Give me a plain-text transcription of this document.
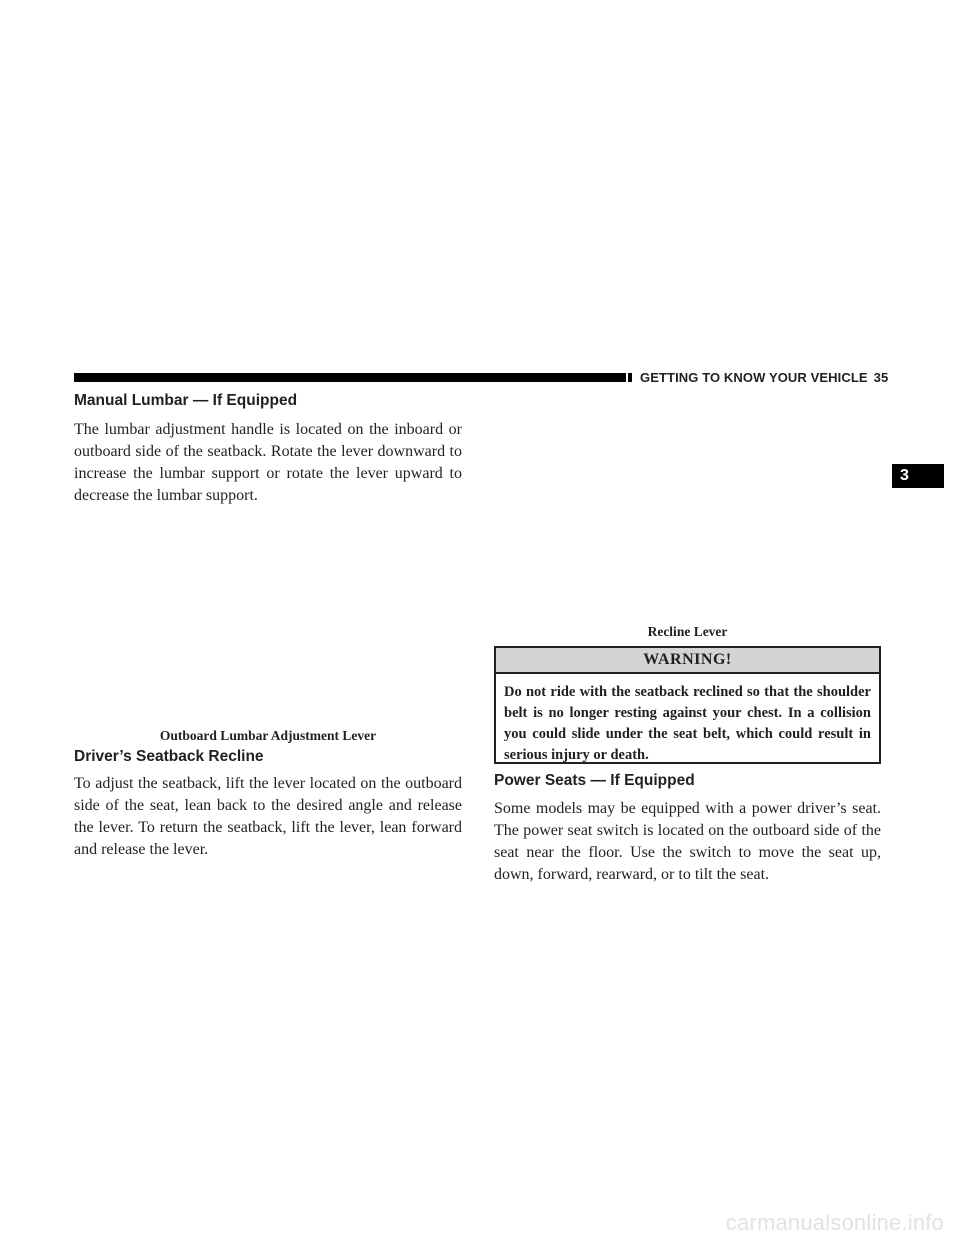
GETTING TO KNOW YOUR VEHICLE 35
3
Manual Lumbar — If Equipped
The lumbar adjustment handle is located on the inboard or outboard side of the seatback. Rotate the lever downward to increase the lumbar support or rotate the lever upward to decrease the lumbar support.
Outboard Lumbar Adjustment Lever
Driver’s Seatback Recline
To adjust the seatback, lift the lever located on the outboard side of the seat, lean back to the desired angle and release the lever. To return the seatback, lift the lever, lean forward and release the lever.
Recline Lever
WARNING!
Do not ride with the seatback reclined so that the shoulder belt is no longer resting against your chest. In a collision you could slide under the seat belt, which could result in serious injury or death.
Power Seats — If Equipped
Some models may be equipped with a power driver’s seat. The power seat switch is located on the outboard side of the seat near the floor. Use the switch to move the seat up, down, forward, rearward, or to tilt the seat.
carmanualsonline.info
